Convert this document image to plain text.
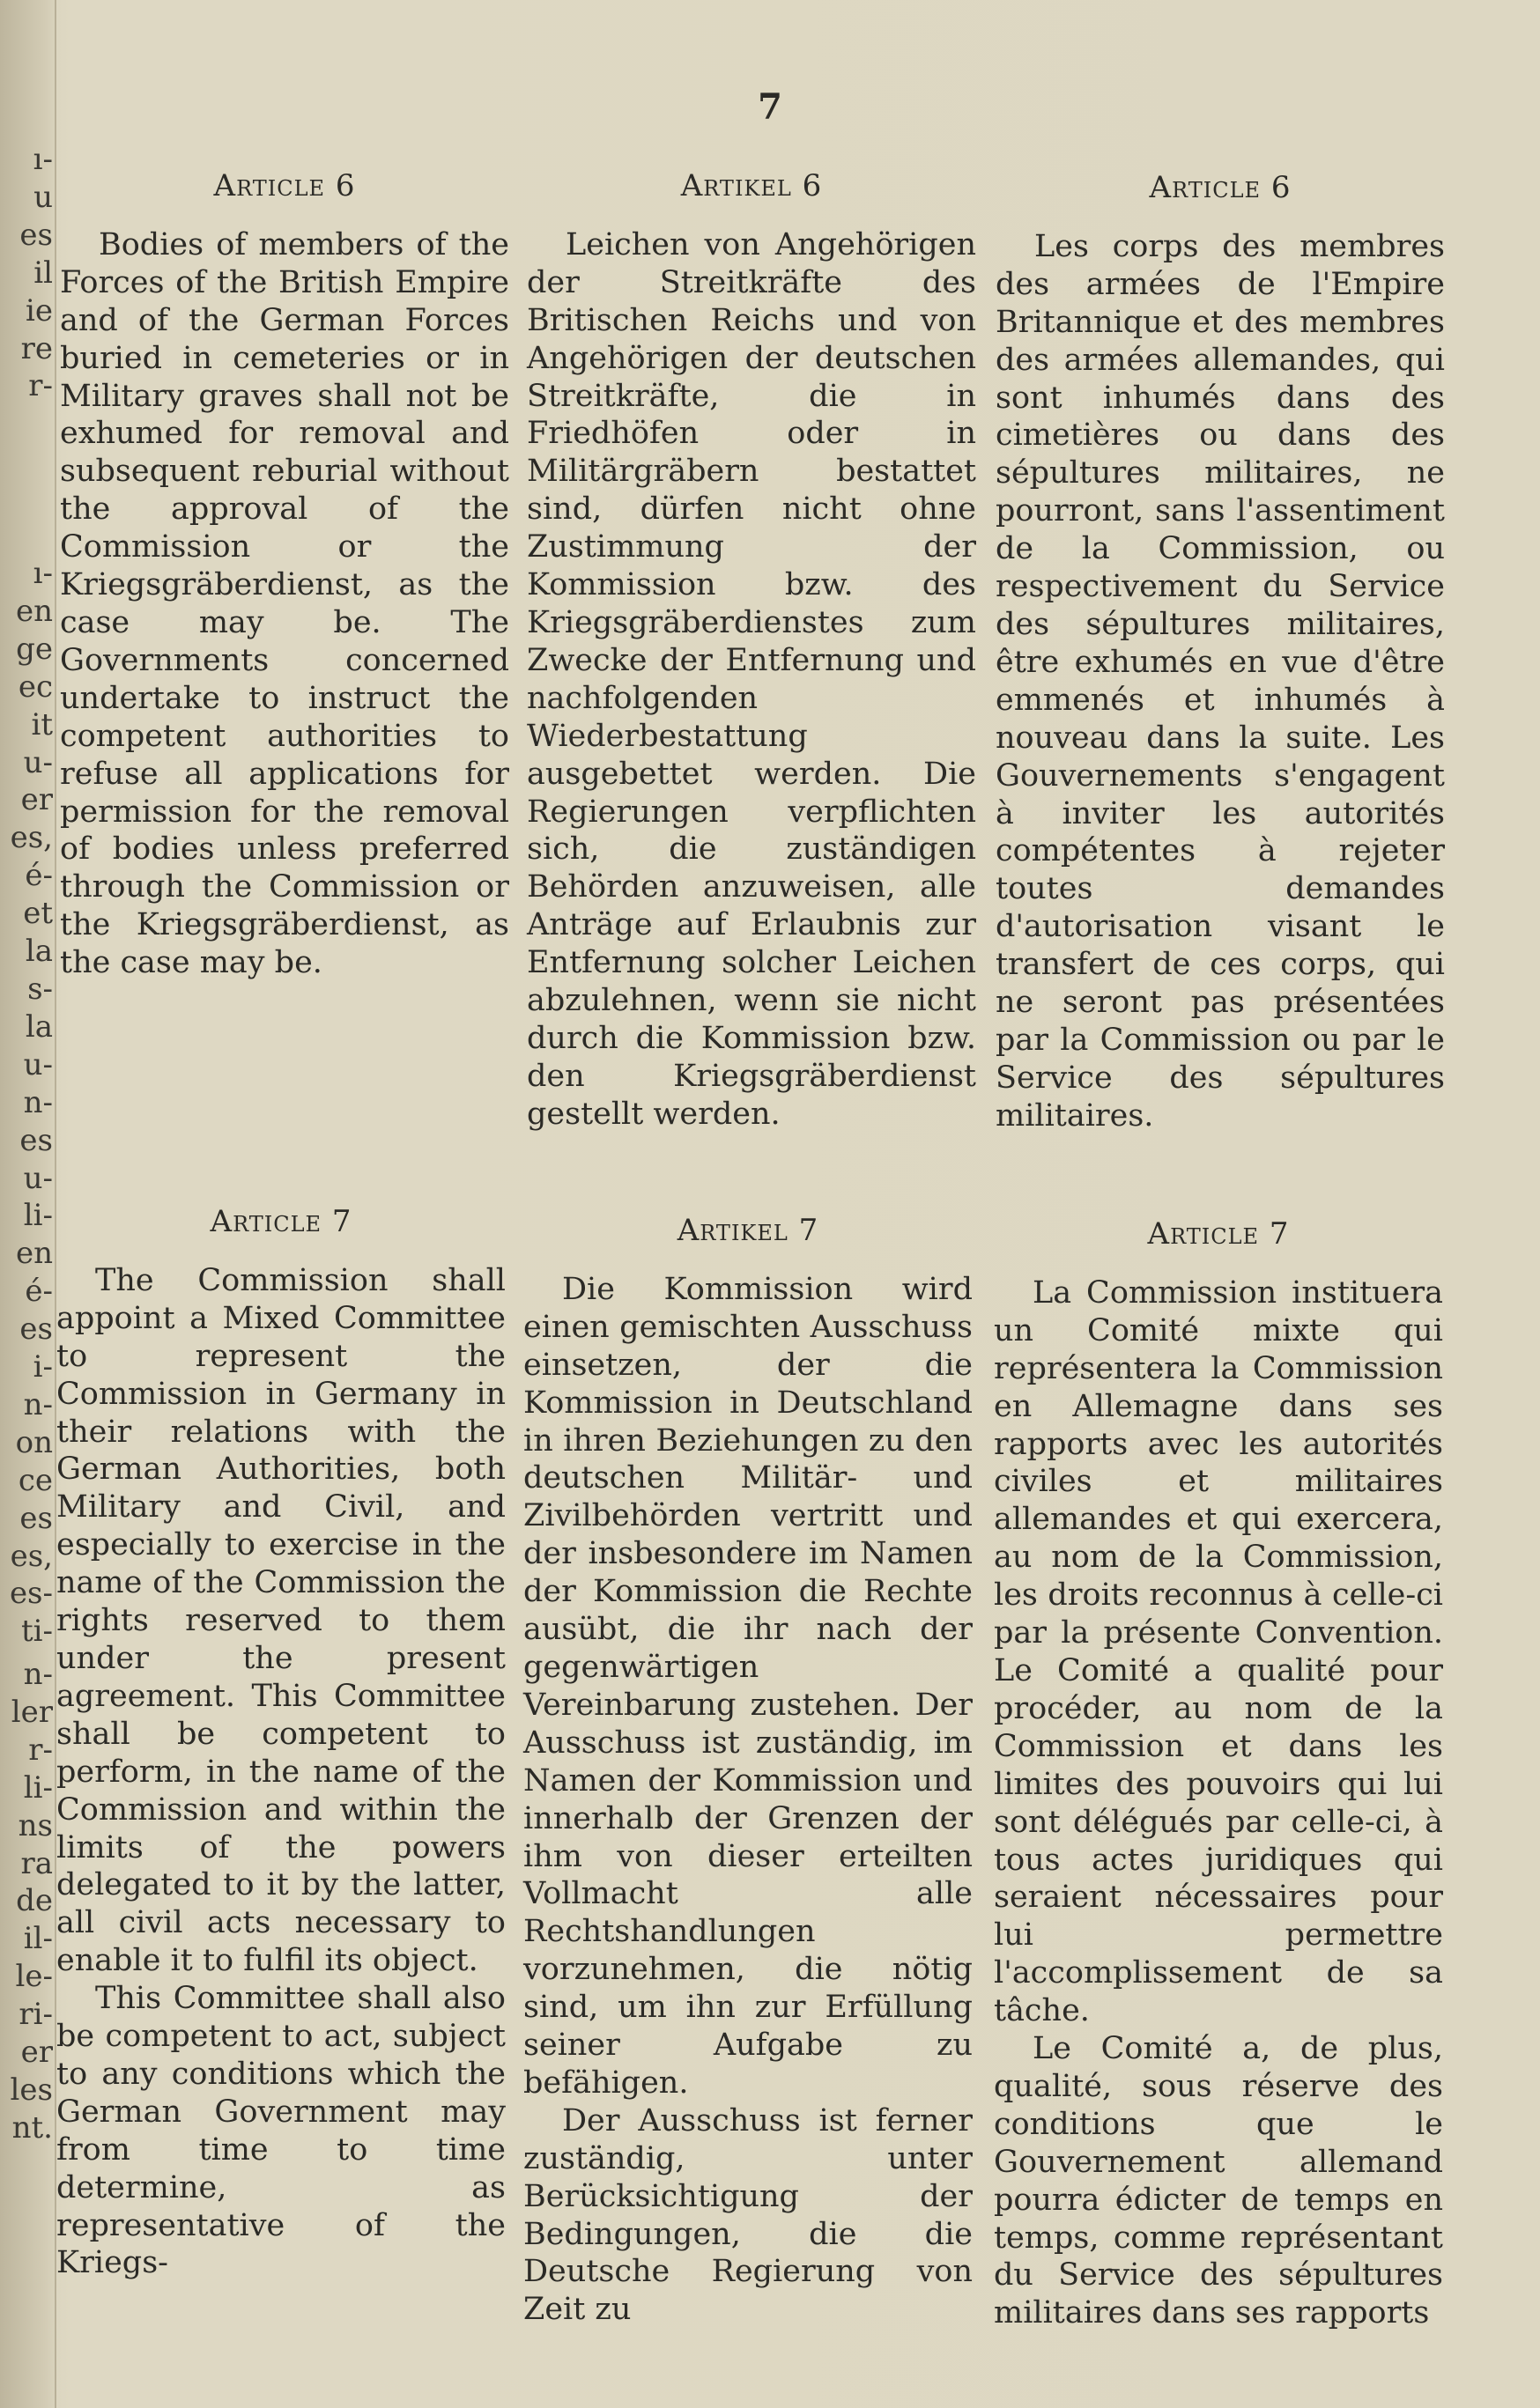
ı-
u
es
il
ie
re
r-
ı-
en
ge
ec
it
u-
er
es,
é-
et
la
s-
la
u-
n-
es
u-
li-
en
é-
es
i-
n-
on
ce
es
es,
es-
ti-
n-
ler
r-
li-
ns
ra
de
il-
le-
ri-
er
les
nt.
7
Article 6

Bodies of members of the Forces of the British Empire and of the German Forces buried in cemeteries or in Military graves shall not be exhumed for removal and subsequent reburial without the approval of the Commission or the Kriegsgräberdienst, as the case may be. The Governments concerned undertake to instruct the competent authorities to refuse all applications for permission for the removal of bodies unless preferred through the Commission or the Kriegsgräberdienst, as the case may be.

Artikel 6

Leichen von Angehörigen der Streitkräfte des Britischen Reichs und von Angehörigen der deutschen Streitkräfte, die in Friedhöfen oder in Militärgräbern bestattet sind, dürfen nicht ohne Zustimmung der Kommission bzw. des Kriegsgräberdienstes zum Zwecke der Entfernung und nachfolgenden Wiederbestattung ausgebettet werden. Die Regierungen verpflichten sich, die zuständigen Behörden anzuweisen, alle Anträge auf Erlaubnis zur Entfernung solcher Leichen abzulehnen, wenn sie nicht durch die Kommission bzw. den Kriegsgräberdienst gestellt werden.

Article 6

Les corps des membres des armées de l'Empire Britannique et des membres des armées allemandes, qui sont inhumés dans des cimetières ou dans des sépultures militaires, ne pourront, sans l'assentiment de la Commission, ou respectivement du Service des sépultures militaires, être exhumés en vue d'être emmenés et inhumés à nouveau dans la suite. Les Gouvernements s'engagent à inviter les autorités compétentes à rejeter toutes demandes d'autorisation visant le transfert de ces corps, qui ne seront pas présentées par la Commission ou par le Service des sépultures militaires.

Article 7

The Commission shall appoint a Mixed Committee to represent the Commission in Germany in their relations with the German Authorities, both Military and Civil, and especially to exercise in the name of the Commission the rights reserved to them under the present agreement. This Committee shall be competent to perform, in the name of the Commission and within the limits of the powers delegated to it by the latter, all civil acts necessary to enable it to fulfil its object.

This Committee shall also be competent to act, subject to any conditions which the German Government may from time to time determine, as representative of the Kriegs-

Artikel 7

Die Kommission wird einen gemischten Ausschuss einsetzen, der die Kommission in Deutschland in ihren Beziehungen zu den deutschen Militär- und Zivilbehörden vertritt und der insbesondere im Namen der Kommission die Rechte ausübt, die ihr nach der gegenwärtigen Vereinbarung zustehen. Der Ausschuss ist zuständig, im Namen der Kommission und innerhalb der Grenzen der ihm von dieser erteilten Vollmacht alle Rechtshandlungen vorzunehmen, die nötig sind, um ihn zur Erfüllung seiner Aufgabe zu befähigen.

Der Ausschuss ist ferner zuständig, unter Berücksichtigung der Bedingungen, die die Deutsche Regierung von Zeit zu

Article 7

La Commission instituera un Comité mixte qui représentera la Commission en Allemagne dans ses rapports avec les autorités civiles et militaires allemandes et qui exercera, au nom de la Commission, les droits reconnus à celle-ci par la présente Convention. Le Comité a qualité pour procéder, au nom de la Commission et dans les limites des pouvoirs qui lui sont délégués par celle-ci, à tous actes juridiques qui seraient nécessaires pour lui permettre l'accomplissement de sa tâche.

Le Comité a, de plus, qualité, sous réserve des conditions que le Gouvernement allemand pourra édicter de temps en temps, comme représentant du Service des sépultures militaires dans ses rapports
